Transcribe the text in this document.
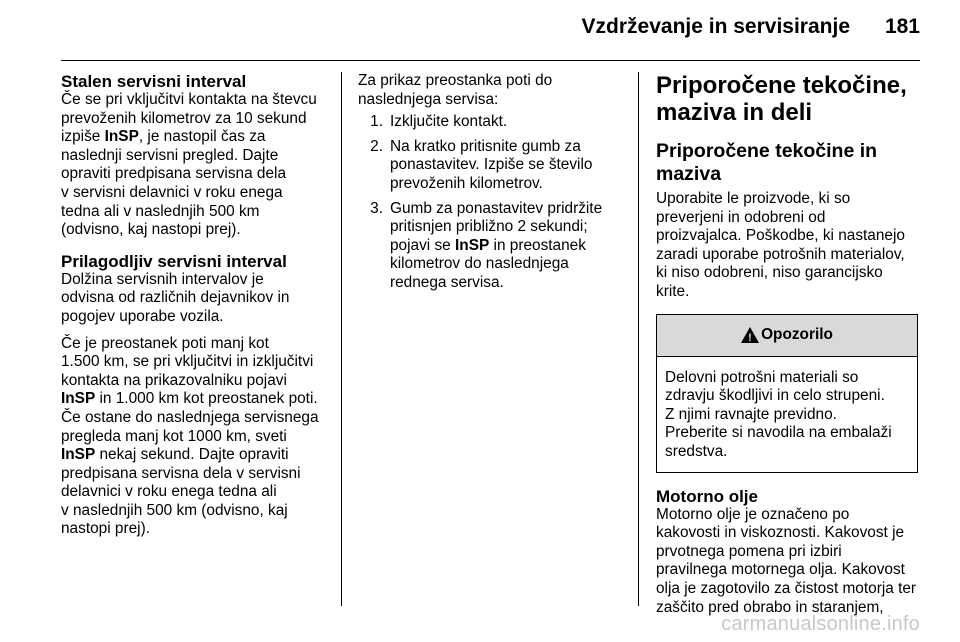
Vzdrževanje in servisiranje 181
Stalen servisni interval

Če se pri vključitvi kontakta na števcu
prevoženih kilometrov za 10 sekund
izpiše InSP, je nastopil čas za
naslednji servisni pregled. Dajte
opraviti predpisana servisna dela
v servisni delavnici v roku enega
tedna ali v naslednjih 500 km
(odvisno, kaj nastopi prej).

Prilagodljiv servisni interval

Dolžina servisnih intervalov je
odvisna od različnih dejavnikov in
pogojev uporabe vozila.

Če je preostanek poti manj kot
1.500 km, se pri vključitvi in izključitvi
kontakta na prikazovalniku pojavi
InSP in 1.000 km kot preostanek poti.
Če ostane do naslednjega servisnega
pregleda manj kot 1000 km, sveti
InSP nekaj sekund. Dajte opraviti
predpisana servisna dela v servisni
delavnici v roku enega tedna ali
v naslednjih 500 km (odvisno, kaj
nastopi prej).

Za prikaz preostanka poti do
naslednjega servisa:

1. Izključite kontakt.
2. Na kratko pritisnite gumb za
ponastavitev. Izpiše se število
prevoženih kilometrov.
3. Gumb za ponastavitev pridržite
pritisnjen približno 2 sekundi;
pojavi se InSP in preostanek
kilometrov do naslednjega
rednega servisa.
Priporočene tekočine,
maziva in deli
Priporočene tekočine in
maziva

Uporabite le proizvode, ki so
preverjeni in odobreni od
proizvajalca. Poškodbe, ki nastanejo
zaradi uporabe potrošnih materialov,
ki niso odobreni, niso garancijsko
krite.

!
Opozorilo
Delovni potrošni materiali so
zdravju škodljivi in celo strupeni.
Z njimi ravnajte previdno.
Preberite si navodila na embalaži
sredstva.
Motorno olje

Motorno olje je označeno po
kakovosti in viskoznosti. Kakovost je
prvotnega pomena pri izbiri
pravilnega motornega olja. Kakovost
olja je zagotovilo za čistost motorja ter
zaščito pred obrabo in staranjem,

carmanualsonline.info
